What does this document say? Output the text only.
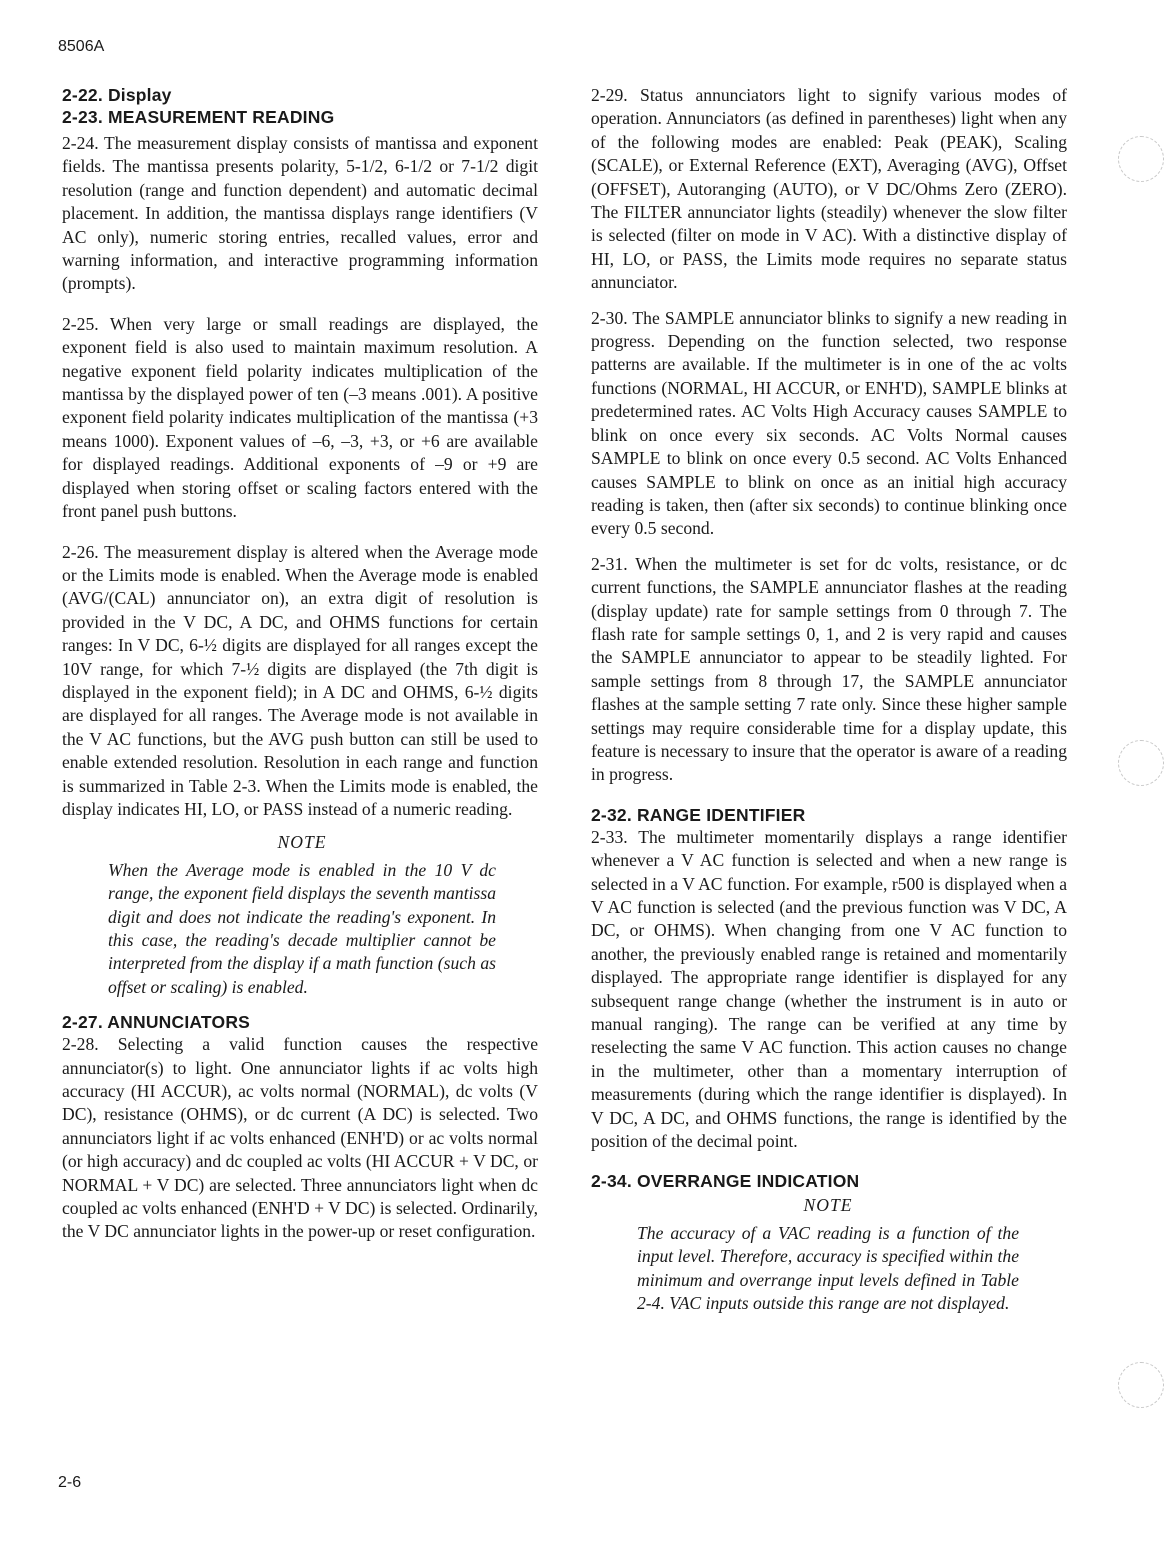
8506A
2-22. Display
2-23. MEASUREMENT READING

2-24. The measurement display consists of mantissa and exponent fields. The mantissa presents polarity, 5-1/2, 6-1/2 or 7-1/2 digit resolution (range and function dependent) and automatic decimal placement. In addition, the mantissa displays range identifiers (V AC only), numeric storing entries, recalled values, error and warning information, and interactive programming information (prompts).

2-25. When very large or small readings are displayed, the exponent field is also used to maintain maximum resolution. A negative exponent field polarity indicates multiplication of the mantissa by the displayed power of ten (–3 means .001). A positive exponent field polarity indicates multiplication of the mantissa (+3 means 1000). Exponent values of –6, –3, +3, or +6 are available for displayed readings. Additional exponents of –9 or +9 are displayed when storing offset or scaling factors entered with the front panel push buttons.

2-26. The measurement display is altered when the Average mode or the Limits mode is enabled. When the Average mode is enabled (AVG/(CAL) annunciator on), an extra digit of resolution is provided in the V DC, A DC, and OHMS functions for certain ranges: In V DC, 6-½ digits are displayed for all ranges except the 10V range, for which 7-½ digits are displayed (the 7th digit is displayed in the exponent field); in A DC and OHMS, 6-½ digits are displayed for all ranges. The Average mode is not available in the V AC functions, but the AVG push button can still be used to enable extended resolution. Resolution in each range and function is summarized in Table 2-3. When the Limits mode is enabled, the display indicates HI, LO, or PASS instead of a numeric reading.

NOTE

When the Average mode is enabled in the 10 V dc range, the exponent field displays the seventh mantissa digit and does not indicate the reading's exponent. In this case, the reading's decade multiplier cannot be interpreted from the display if a math function (such as offset or scaling) is enabled.

2-27. ANNUNCIATORS

2-28. Selecting a valid function causes the respective annunciator(s) to light. One annunciator lights if ac volts high accuracy (HI ACCUR), ac volts normal (NORMAL), dc volts (V DC), resistance (OHMS), or dc current (A DC) is selected. Two annunciators light if ac volts enhanced (ENH'D) or ac volts normal (or high accuracy) and dc coupled ac volts (HI ACCUR + V DC, or NORMAL + V DC) are selected. Three annunciators light when dc coupled ac volts enhanced (ENH'D + V DC) is selected. Ordinarily, the V DC annunciator lights in the power-up or reset configuration.

2-29. Status annunciators light to signify various modes of operation. Annunciators (as defined in parentheses) light when any of the following modes are enabled: Peak (PEAK), Scaling (SCALE), or External Reference (EXT), Averaging (AVG), Offset (OFFSET), Autoranging (AUTO), or V DC/Ohms Zero (ZERO). The FILTER annunciator lights (steadily) whenever the slow filter is selected (filter on mode in V AC). With a distinctive display of HI, LO, or PASS, the Limits mode requires no separate status annunciator.

2-30. The SAMPLE annunciator blinks to signify a new reading in progress. Depending on the function selected, two response patterns are available. If the multimeter is in one of the ac volts functions (NORMAL, HI ACCUR, or ENH'D), SAMPLE blinks at predetermined rates. AC Volts High Accuracy causes SAMPLE to blink on once every six seconds. AC Volts Normal causes SAMPLE to blink on once every 0.5 second. AC Volts Enhanced causes SAMPLE to blink on once as an initial high accuracy reading is taken, then (after six seconds) to continue blinking once every 0.5 second.

2-31. When the multimeter is set for dc volts, resistance, or dc current functions, the SAMPLE annunciator flashes at the reading (display update) rate for sample settings from 0 through 7. The flash rate for sample settings 0, 1, and 2 is very rapid and causes the SAMPLE annunciator to appear to be steadily lighted. For sample settings from 8 through 17, the SAMPLE annunciator flashes at the sample setting 7 rate only. Since these higher sample settings may require considerable time for a display update, this feature is necessary to insure that the operator is aware of a reading in progress.

2-32. RANGE IDENTIFIER

2-33. The multimeter momentarily displays a range identifier whenever a V AC function is selected and when a new range is selected in a V AC function. For example, r500 is displayed when a V AC function is selected (and the previous function was V DC, A DC, or OHMS). When changing from one V AC function to another, the previously enabled range is retained and momentarily displayed. The appropriate range identifier is displayed for any subsequent range change (whether the instrument is in auto or manual ranging). The range can be verified at any time by reselecting the same V AC function. This action causes no change in the multimeter, other than a momentary interruption of measurements (during which the range identifier is displayed). In V DC, A DC, and OHMS functions, the range is identified by the position of the decimal point.

2-34. OVERRANGE INDICATION

NOTE

The accuracy of a VAC reading is a function of the input level. Therefore, accuracy is specified within the minimum and overrange input levels defined in Table 2-4. VAC inputs outside this range are not displayed.

2-6
